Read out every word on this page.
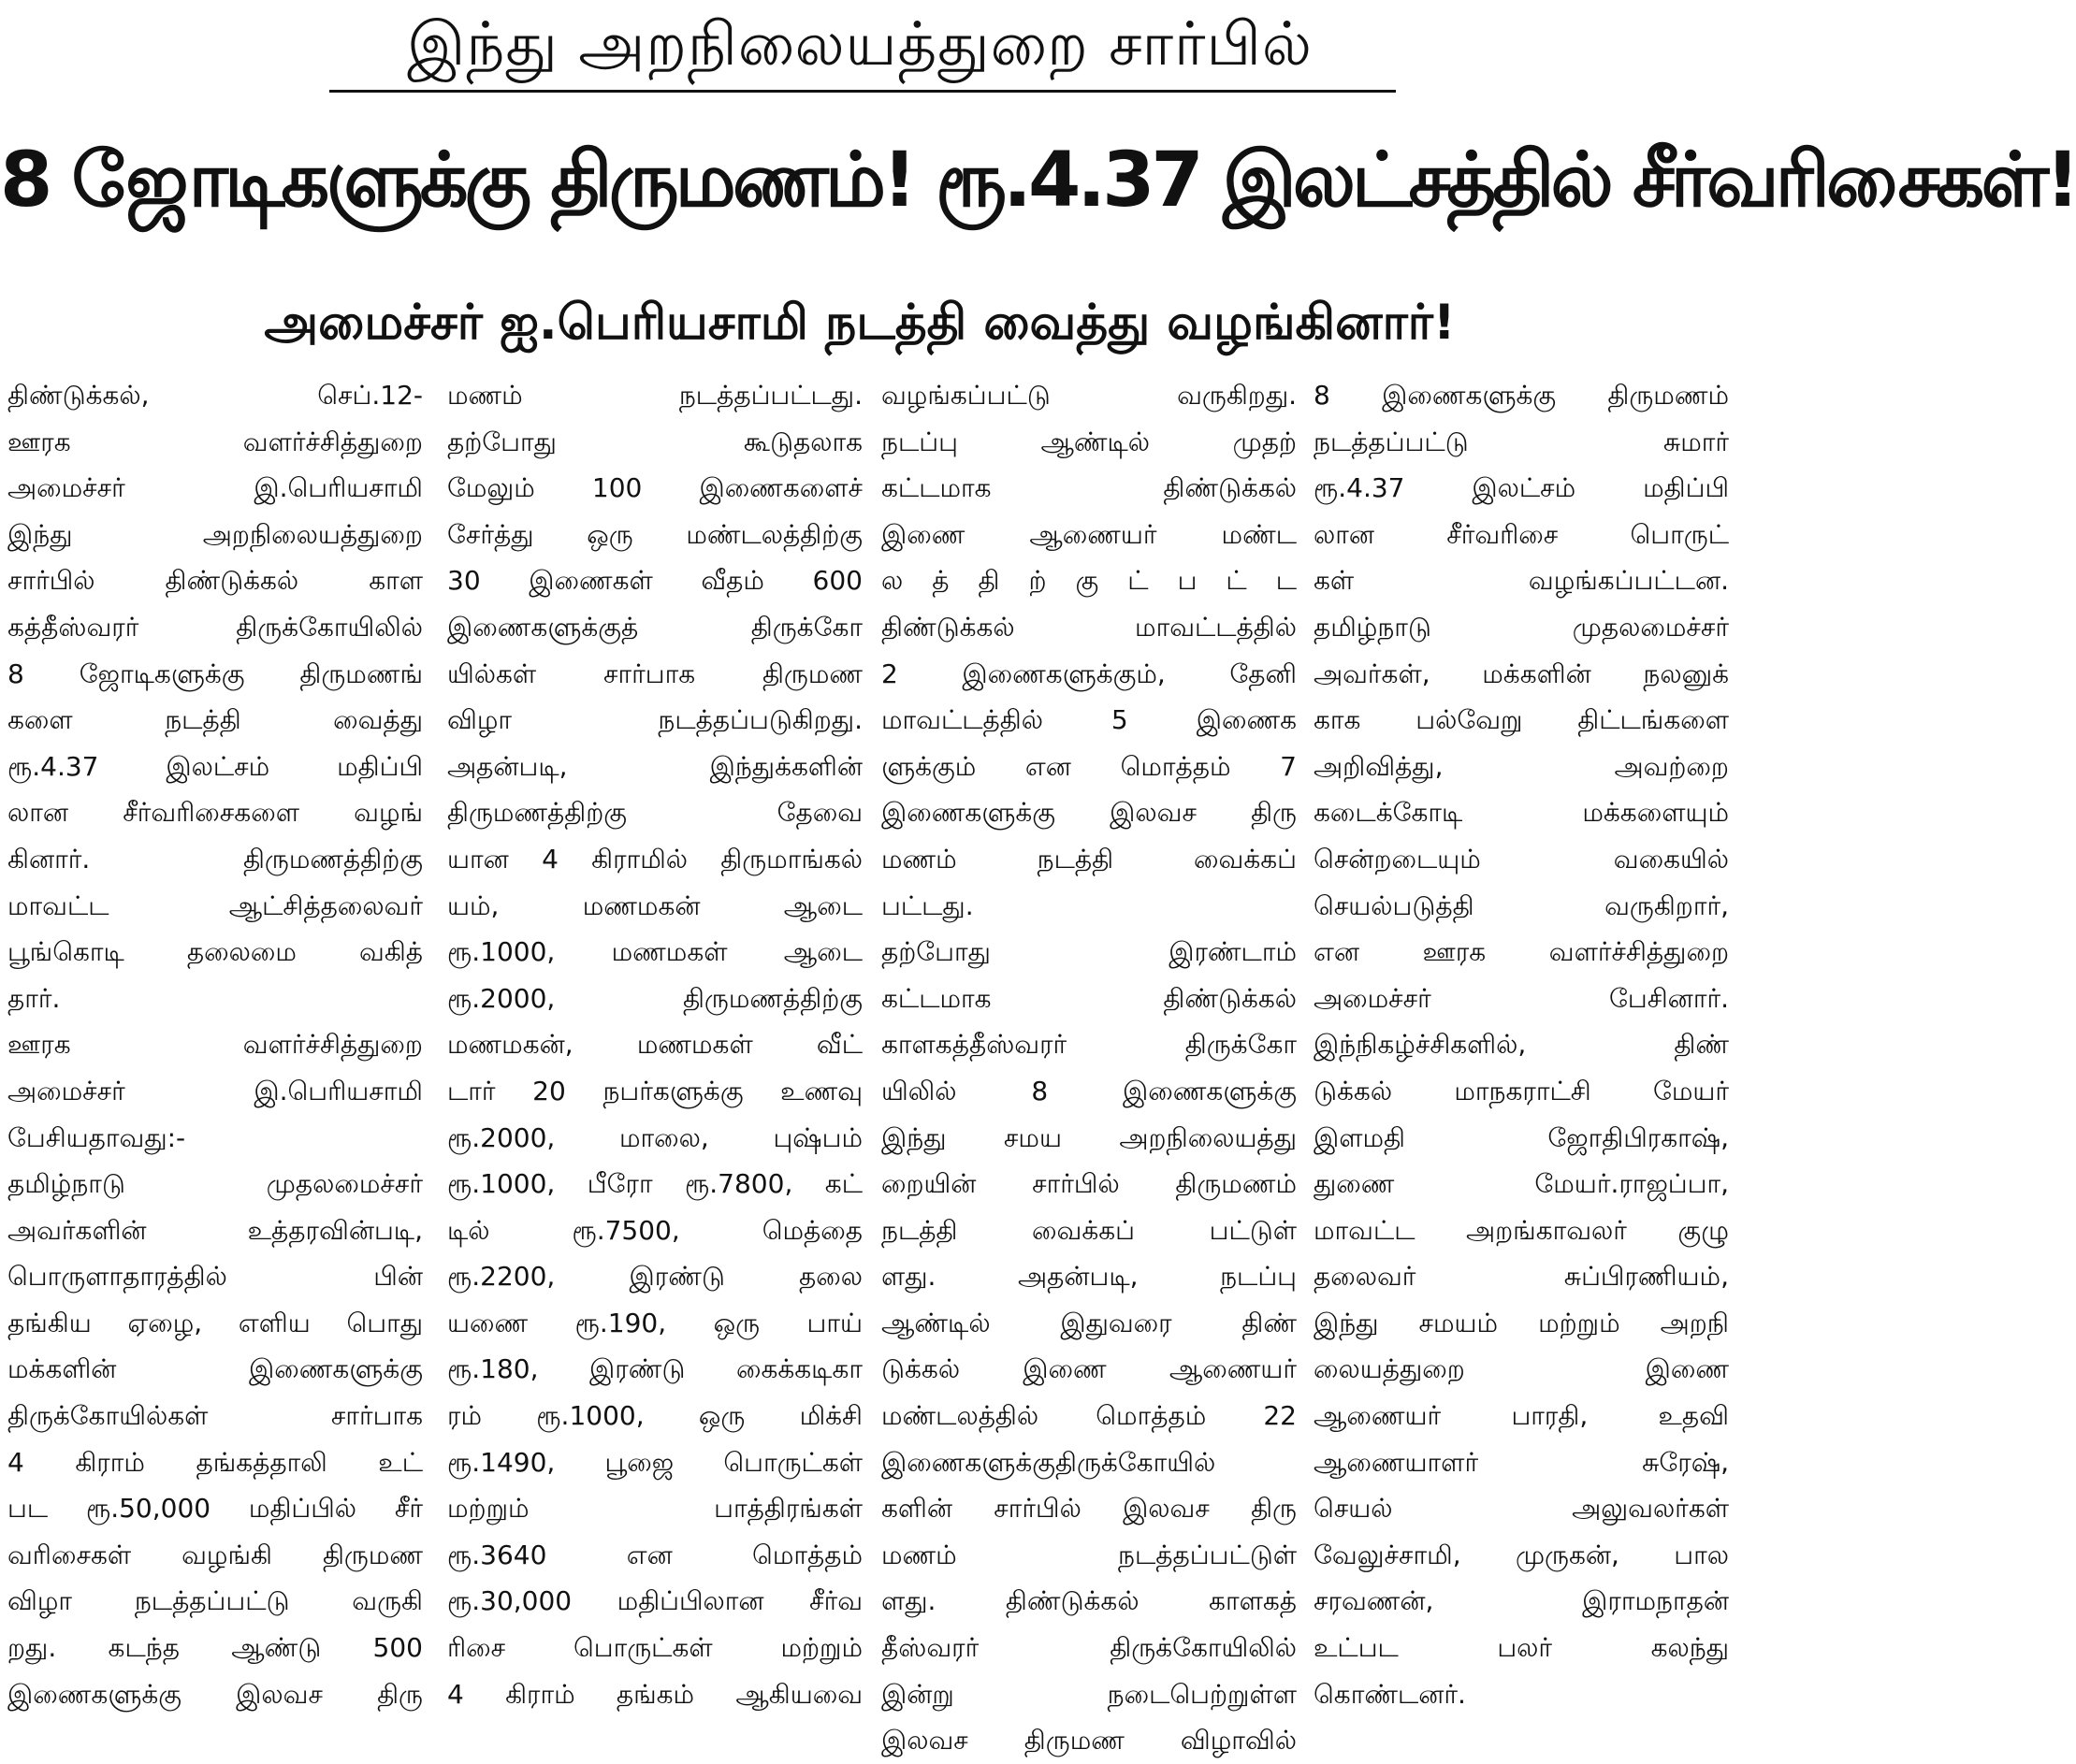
இந்து அறநிலையத்துறை சார்பில்
8 ஜோடிகளுக்கு திருமணம்! ரூ.4.37 இலட்சத்தில் சீர்வரிசைகள்!
அமைச்சர் ஐ.பெரியசாமி நடத்தி வைத்து வழங்கினார்!

திண்டுக்கல், செப்.12-

ஊரக வளர்ச்சித்துறை

அமைச்சர் இ.பெரியசாமி

இந்து அறநிலையத்துறை

சார்பில் திண்டுக்கல் காள

கத்தீஸ்வரர் திருக்கோயிலில்

8 ஜோடிகளுக்கு திருமணங்

களை நடத்தி வைத்து

ரூ.4.37 இலட்சம் மதிப்பி

லான சீர்வரிசைகளை வழங்

கினார். திருமணத்திற்கு

மாவட்ட ஆட்சித்தலைவர்

பூங்கொடி தலைமை வகித்

தார்.

ஊரக வளர்ச்சித்துறை

அமைச்சர் இ.பெரியசாமி

பேசியதாவது:-

தமிழ்நாடு முதலமைச்சர்

அவர்களின் உத்தரவின்படி,

பொருளாதாரத்தில் பின்

தங்கிய ஏழை, எளிய பொது

மக்களின் இணைகளுக்கு

திருக்கோயில்கள் சார்பாக

4 கிராம் தங்கத்தாலி உட்

பட ரூ.50,000 மதிப்பில் சீர்

வரிசைகள் வழங்கி திருமண

விழா நடத்தப்பட்டு வருகி

றது. கடந்த ஆண்டு 500

இணைகளுக்கு இலவச திரு

மணம் நடத்தப்பட்டது.

தற்போது கூடுதலாக

மேலும் 100 இணைகளைச்

சேர்த்து ஒரு மண்டலத்திற்கு

30 இணைகள் வீதம் 600

இணைகளுக்குத் திருக்கோ

யில்கள் சார்பாக திருமண

விழா நடத்தப்படுகிறது.

அதன்படி, இந்துக்களின்

திருமணத்திற்கு தேவை

யான 4 கிராமில் திருமாங்கல்

யம், மணமகன் ஆடை

ரூ.1000, மணமகள் ஆடை

ரூ.2000, திருமணத்திற்கு

மணமகன், மணமகள் வீட்

டார் 20 நபர்களுக்கு உணவு

ரூ.2000, மாலை, புஷ்பம்

ரூ.1000, பீரோ ரூ.7800, கட்

டில் ரூ.7500, மெத்தை

ரூ.2200, இரண்டு தலை

யணை ரூ.190, ஒரு பாய்

ரூ.180, இரண்டு கைக்கடிகா

ரம் ரூ.1000, ஒரு மிக்சி

ரூ.1490, பூஜை பொருட்கள்

மற்றும் பாத்திரங்கள்

ரூ.3640 என மொத்தம்

ரூ.30,000 மதிப்பிலான சீர்வ

ரிசை பொருட்கள் மற்றும்

4 கிராம் தங்கம் ஆகியவை

வழங்கப்பட்டு வருகிறது.

நடப்பு ஆண்டில் முதற்

கட்டமாக திண்டுக்கல்

இணை ஆணையர் மண்ட

ல த் தி ற் கு ட் ப ட் ட

திண்டுக்கல் மாவட்டத்தில்

2 இணைகளுக்கும், தேனி

மாவட்டத்தில் 5 இணைக

ளுக்கும் என மொத்தம் 7

இணைகளுக்கு இலவச திரு

மணம் நடத்தி வைக்கப்

பட்டது.

தற்போது இரண்டாம்

கட்டமாக திண்டுக்கல்

காளகத்தீஸ்வரர் திருக்கோ

யிலில் 8 இணைகளுக்கு

இந்து சமய அறநிலையத்து

றையின் சார்பில் திருமணம்

நடத்தி வைக்கப் பட்டுள்

ளது. அதன்படி, நடப்பு

ஆண்டில் இதுவரை திண்

டுக்கல் இணை ஆணையர்

மண்டலத்தில் மொத்தம் 22

இணைகளுக்குதிருக்கோயில்

களின் சார்பில் இலவச திரு

மணம் நடத்தப்பட்டுள்

ளது. திண்டுக்கல் காளகத்

தீஸ்வரர் திருக்கோயிலில்

இன்று நடைபெற்றுள்ள

இலவச திருமண விழாவில்

8 இணைகளுக்கு திருமணம்

நடத்தப்பட்டு சுமார்

ரூ.4.37 இலட்சம் மதிப்பி

லான சீர்வரிசை பொருட்

கள் வழங்கப்பட்டன.

தமிழ்நாடு முதலமைச்சர்

அவர்கள், மக்களின் நலனுக்

காக பல்வேறு திட்டங்களை

அறிவித்து, அவற்றை

கடைக்கோடி மக்களையும்

சென்றடையும் வகையில்

செயல்படுத்தி வருகிறார்,

என ஊரக வளர்ச்சித்துறை

அமைச்சர் பேசினார்.

இந்நிகழ்ச்சிகளில், திண்

டுக்கல் மாநகராட்சி மேயர்

இளமதி ஜோதிபிரகாஷ்,

துணை மேயர்.ராஜப்பா,

மாவட்ட அறங்காவலர் குழு

தலைவர் சுப்பிரணியம்,

இந்து சமயம் மற்றும் அறநி

லையத்துறை இணை

ஆணையர் பாரதி, உதவி

ஆணையாளர் சுரேஷ்,

செயல் அலுவலர்கள்

வேலுச்சாமி, முருகன், பால

சரவணன், இராமநாதன்

உட்பட பலர் கலந்து

கொண்டனர்.
